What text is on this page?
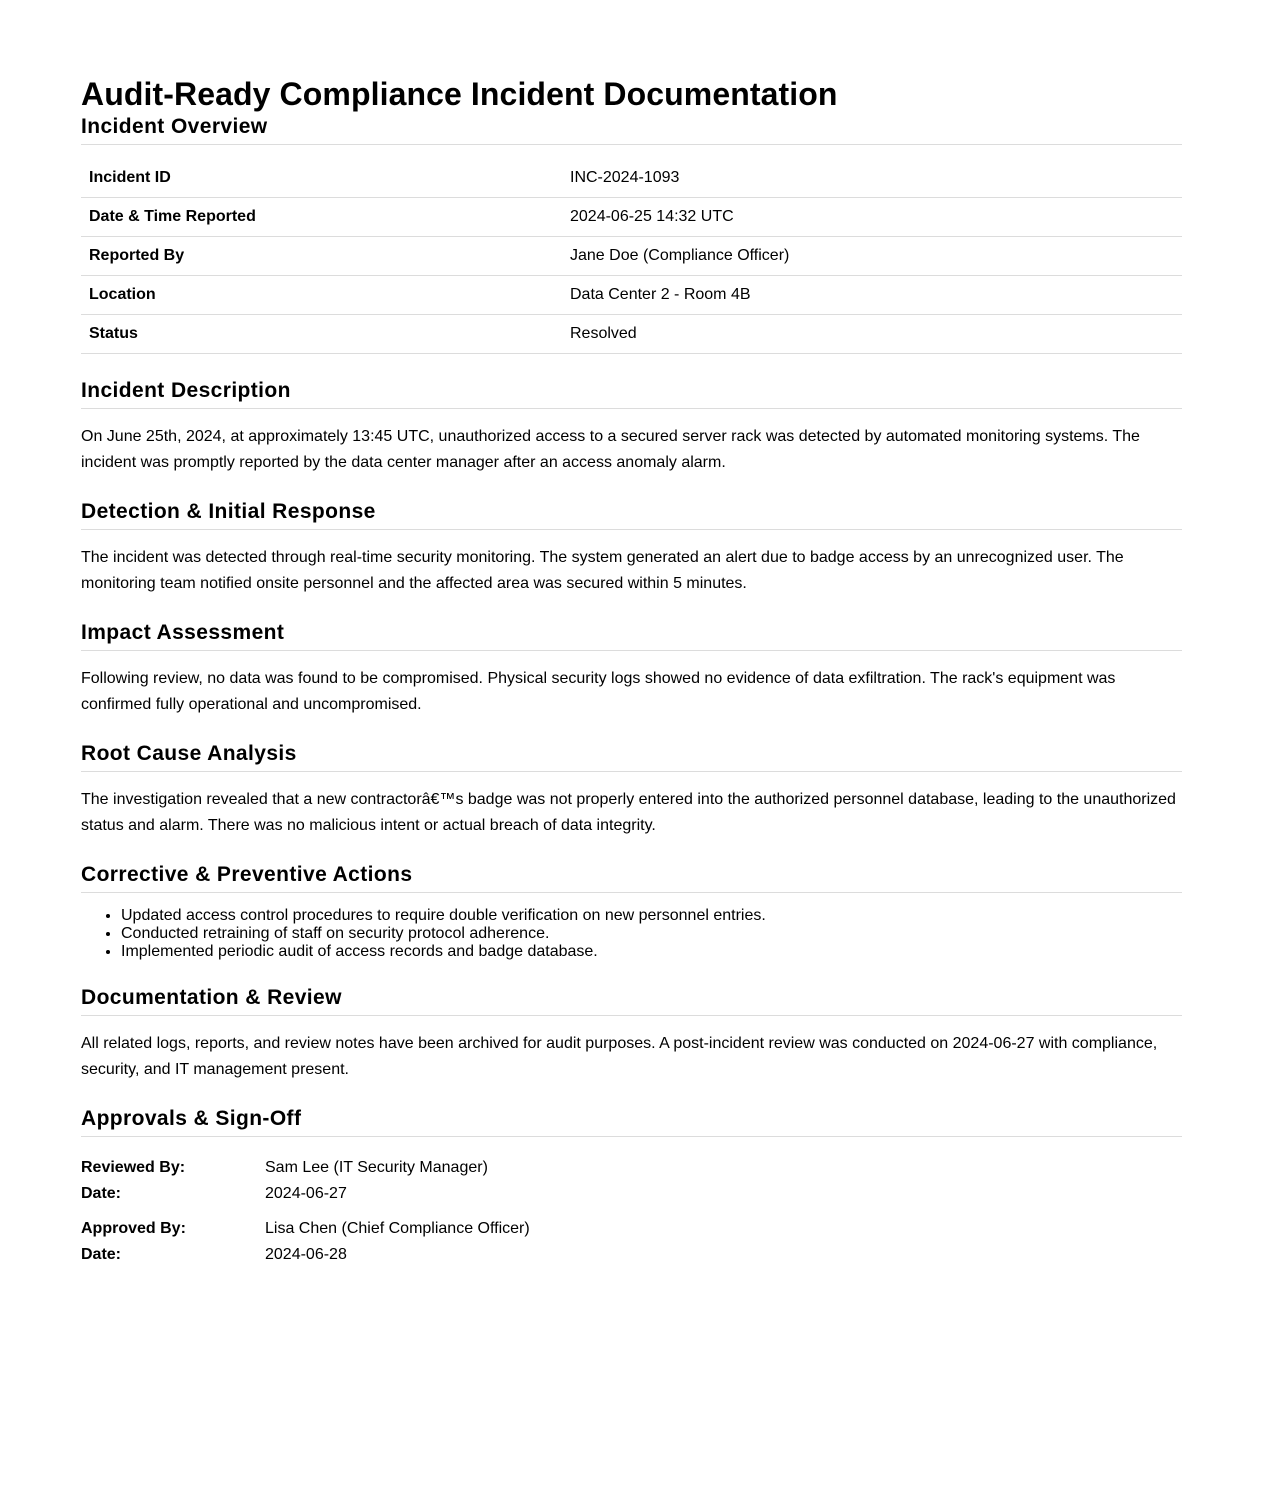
Audit-Ready Compliance Incident Documentation
Incident Overview
Incident ID	INC-2024-1093
Date & Time Reported	2024-06-25 14:32 UTC
Reported By	Jane Doe (Compliance Officer)
Location	Data Center 2 - Room 4B
Status	Resolved
Incident Description

On June 25th, 2024, at approximately 13:45 UTC, unauthorized access to a secured server rack was detected by automated monitoring systems. The incident was promptly reported by the data center manager after an access anomaly alarm.

Detection & Initial Response

The incident was detected through real-time security monitoring. The system generated an alert due to badge access by an unrecognized user. The monitoring team notified onsite personnel and the affected area was secured within 5 minutes.

Impact Assessment

Following review, no data was found to be compromised. Physical security logs showed no evidence of data exfiltration. The rack's equipment was confirmed fully operational and uncompromised.

Root Cause Analysis

The investigation revealed that a new contractorâ€™s badge was not properly entered into the authorized personnel database, leading to the unauthorized status and alarm. There was no malicious intent or actual breach of data integrity.

Corrective & Preventive Actions
• Updated access control procedures to require double verification on new personnel entries.
• Conducted retraining of staff on security protocol adherence.
• Implemented periodic audit of access records and badge database.
Documentation & Review

All related logs, reports, and review notes have been archived for audit purposes. A post-incident review was conducted on 2024-06-27 with compliance, security, and IT management present.

Approvals & Sign-Off
Reviewed By:	Sam Lee (IT Security Manager)
Date:	2024-06-27
Approved By:	Lisa Chen (Chief Compliance Officer)
Date:	2024-06-28
